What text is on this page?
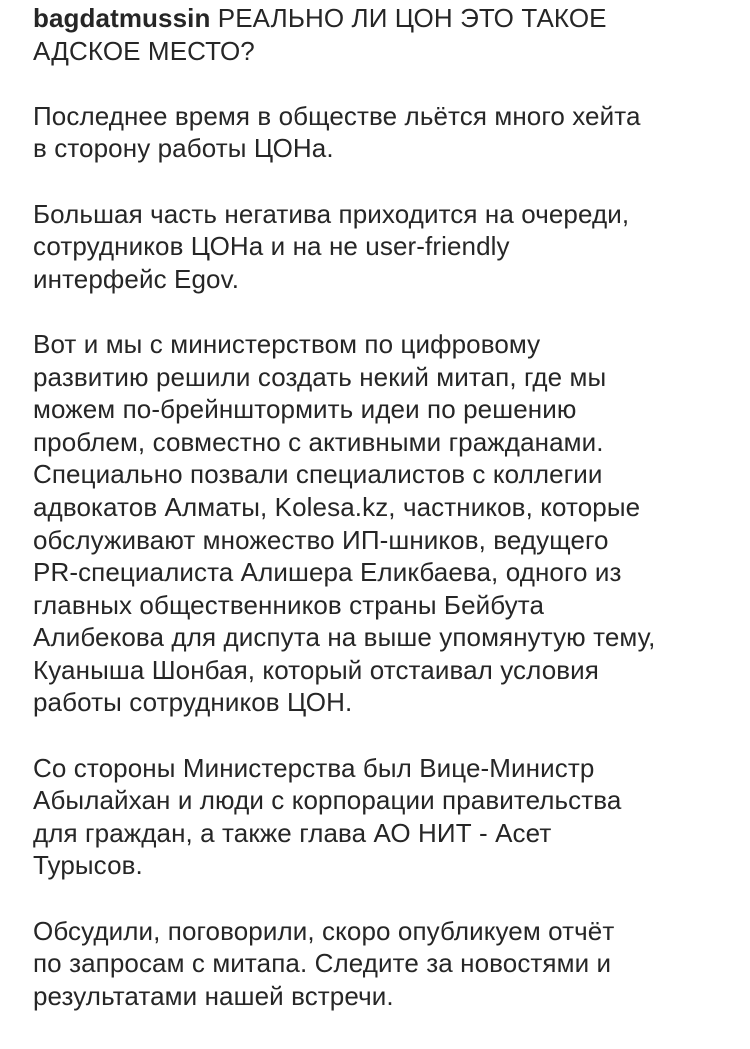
bagdatmussin РЕАЛЬНО ЛИ ЦОН ЭТО ТАКОЕ
АДСКОЕ МЕСТО?

Последнее время в обществе льётся много хейта
в сторону работы ЦОНа.

Большая часть негатива приходится на очереди,
сотрудников ЦОНа и на не user-friendly
интерфейс Egov.

Вот и мы с министерством по цифровому
развитию решили создать некий митап, где мы
можем по-брейнштормить идеи по решению
проблем, совместно с активными гражданами.
Специально позвали специалистов с коллегии
адвокатов Алматы, Kolesa.kz, частников, которые
обслуживают множество ИП-шников, ведущего
PR-специалиста Алишера Еликбаева, одного из
главных общественников страны Бейбута
Алибекова для диспута на выше упомянутую тему,
Куаныша Шонбая, который отстаивал условия
работы сотрудников ЦОН.

Со стороны Министерства был Вице-Министр
Абылайхан и люди с корпорации правительства
для граждан, а также глава АО НИТ - Асет
Турысов.

Обсудили, поговорили, скоро опубликуем отчёт
по запросам с митапа. Следите за новостями и
результатами нашей встречи.
